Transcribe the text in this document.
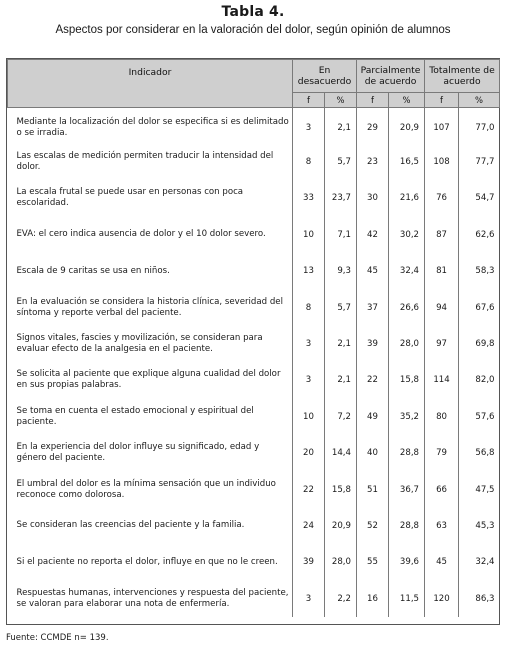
Tabla 4.
Aspectos por considerar en la valoración del dolor, según opinión de alumnos
Indicador	En desacuerdo		Parcialmente de acuerdo		Totalmente de acuerdo	
	f	%	f	%	f	%
Mediante la localización del dolor se especifica si es delimitado o se irradia.	3	2,1	29	20,9	107	77,0
Las escalas de medición permiten traducir la intensidad del dolor.	8	5,7	23	16,5	108	77,7
La escala frutal se puede usar en personas con poca escolaridad.	33	23,7	30	21,6	76	54,7
EVA: el cero indica ausencia de dolor y el 10 dolor severo.	10	7,1	42	30,2	87	62,6
Escala de 9 caritas se usa en niños.	13	9,3	45	32,4	81	58,3
En la evaluación se considera la historia clínica, severidad del síntoma y reporte verbal del paciente.	8	5,7	37	26,6	94	67,6
Signos vitales, fascies y movilización, se consideran para evaluar efecto de la analgesia en el paciente.	3	2,1	39	28,0	97	69,8
Se solicita al paciente que explique alguna cualidad del dolor en sus propias palabras.	3	2,1	22	15,8	114	82,0
Se toma en cuenta el estado emocional y espiritual del paciente.	10	7,2	49	35,2	80	57,6
En la experiencia del dolor influye su significado, edad y género del paciente.	20	14,4	40	28,8	79	56,8
El umbral del dolor es la mínima sensación que un individuo reconoce como dolorosa.	22	15,8	51	36,7	66	47,5
Se consideran las creencias del paciente y la familia.	24	20,9	52	28,8	63	45,3
Si el paciente no reporta el dolor, influye en que no le creen.	39	28,0	55	39,6	45	32,4
Respuestas humanas, intervenciones y respuesta del paciente, se valoran para elaborar una nota de enfermería.	3	2,2	16	11,5	120	86,3
Fuente: CCMDE n= 139.
